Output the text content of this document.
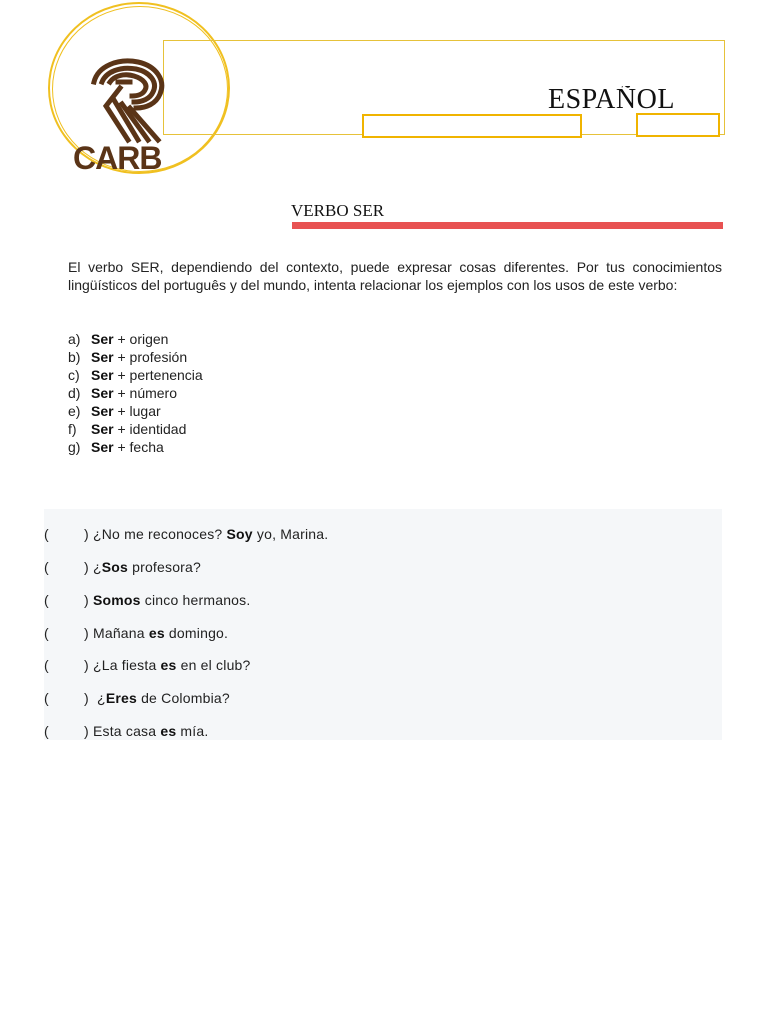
CARB
ESPAÑOL
VERBO SER

El verbo SER, dependiendo del contexto, puede expresar cosas diferentes. Por tus conocimientos lingüísticos del português y del mundo, intenta relacionar los ejemplos con los usos de este verbo:

a) Ser + origen
b) Ser + profesión
c) Ser + pertenencia
d) Ser + número
e) Ser + lugar
f) Ser + identidad
g) Ser + fecha
(	) ¿No me reconoces? Soy yo, Marina.
(	) ¿Sos profesora?
(	) Somos cinco hermanos.
(	) Mañana es domingo.
(	) ¿La fiesta es en el club?
(	)  ¿Eres de Colombia?
(	) Esta casa es mía.
